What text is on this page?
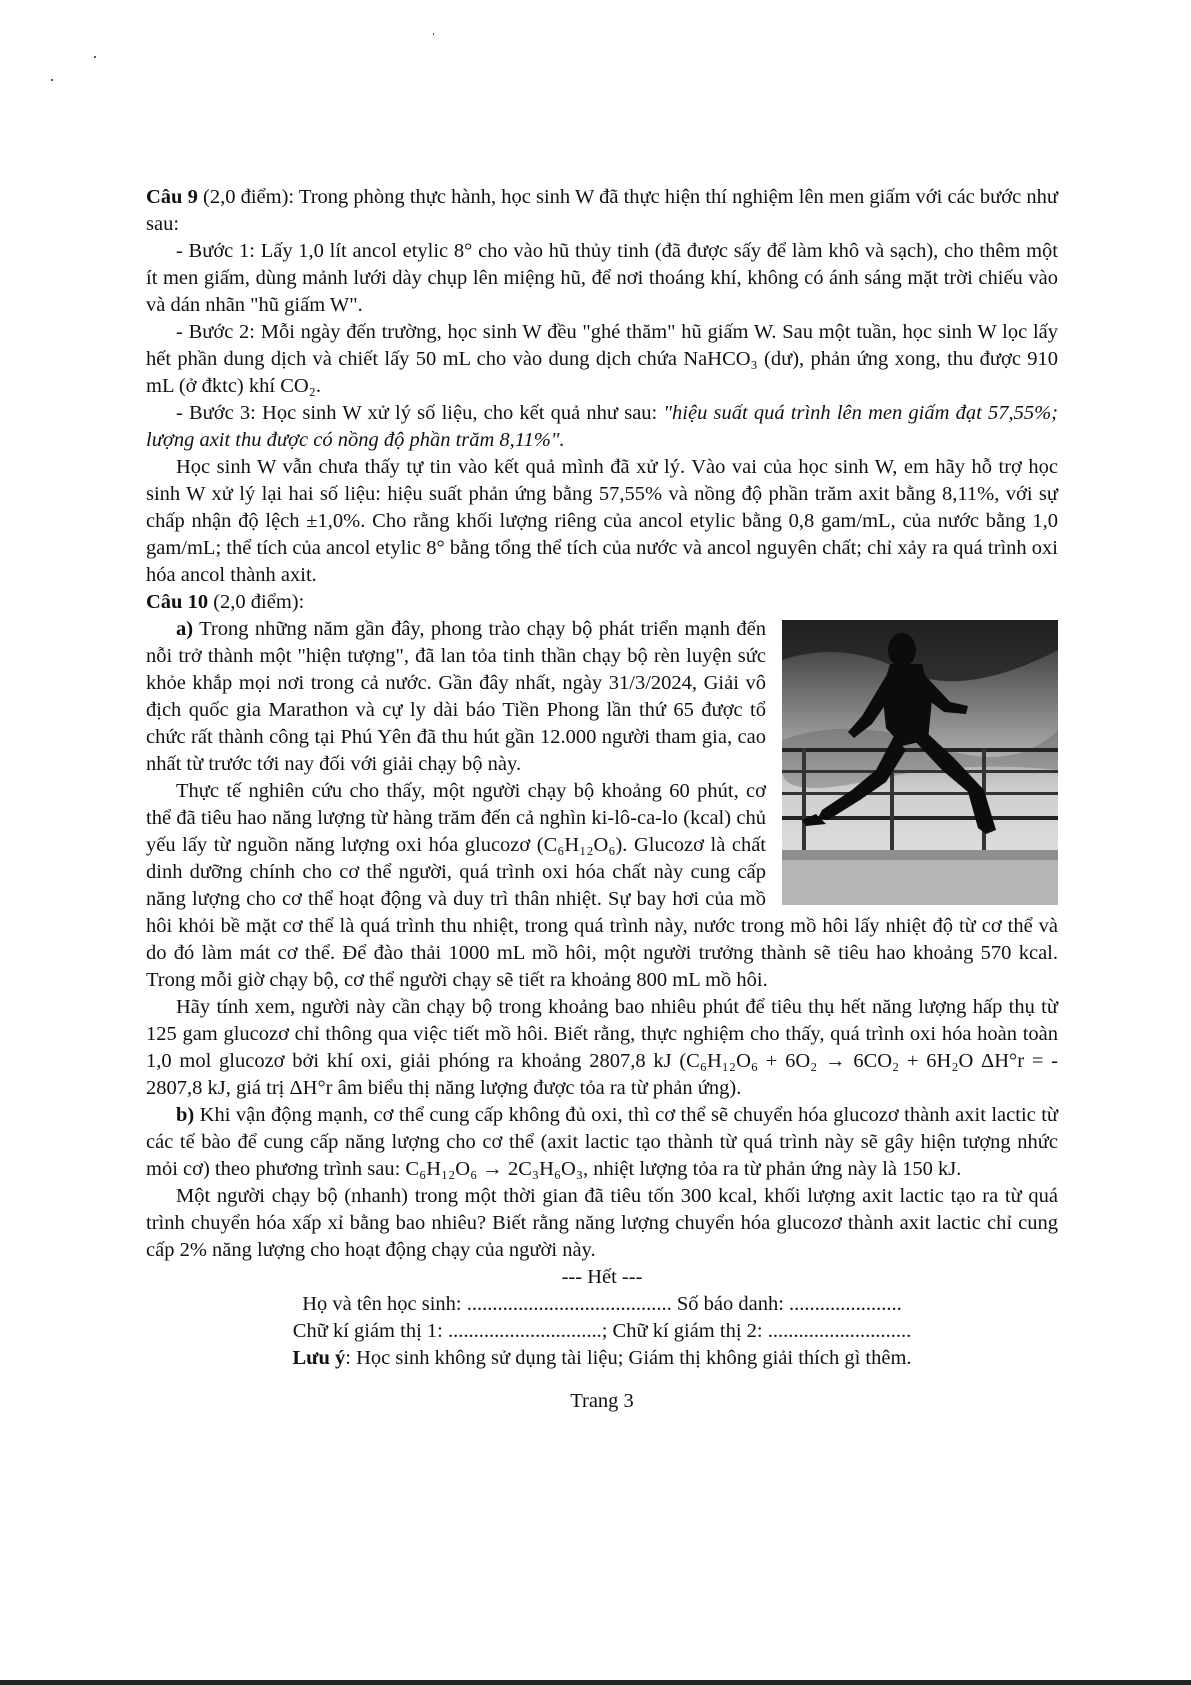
Câu 9 (2,0 điểm): Trong phòng thực hành, học sinh W đã thực hiện thí nghiệm lên men giấm với các bước như sau:

- Bước 1: Lấy 1,0 lít ancol etylic 8° cho vào hũ thủy tinh (đã được sấy để làm khô và sạch), cho thêm một ít men giấm, dùng mảnh lưới dày chụp lên miệng hũ, để nơi thoáng khí, không có ánh sáng mặt trời chiếu vào và dán nhãn "hũ giấm W".

- Bước 2: Mỗi ngày đến trường, học sinh W đều "ghé thăm" hũ giấm W. Sau một tuần, học sinh W lọc lấy hết phần dung dịch và chiết lấy 50 mL cho vào dung dịch chứa NaHCO₃ (dư), phản ứng xong, thu được 910 mL (ở đktc) khí CO₂.

- Bước 3: Học sinh W xử lý số liệu, cho kết quả như sau: "hiệu suất quá trình lên men giấm đạt 57,55%; lượng axit thu được có nồng độ phần trăm 8,11%".

Học sinh W vẫn chưa thấy tự tin vào kết quả mình đã xử lý. Vào vai của học sinh W, em hãy hỗ trợ học sinh W xử lý lại hai số liệu: hiệu suất phản ứng bằng 57,55% và nồng độ phần trăm axit bằng 8,11%, với sự chấp nhận độ lệch ±1,0%. Cho rằng khối lượng riêng của ancol etylic bằng 0,8 gam/mL, của nước bằng 1,0 gam/mL; thể tích của ancol etylic 8° bằng tổng thể tích của nước và ancol nguyên chất; chỉ xảy ra quá trình oxi hóa ancol thành axit.

Câu 10 (2,0 điểm):

a) Trong những năm gần đây, phong trào chạy bộ phát triển mạnh đến nỗi trở thành một "hiện tượng", đã lan tỏa tinh thần chạy bộ rèn luyện sức khỏe khắp mọi nơi trong cả nước. Gần đây nhất, ngày 31/3/2024, Giải vô địch quốc gia Marathon và cự ly dài báo Tiền Phong lần thứ 65 được tổ chức rất thành công tại Phú Yên đã thu hút gần 12.000 người tham gia, cao nhất từ trước tới nay đối với giải chạy bộ này.

Thực tế nghiên cứu cho thấy, một người chạy bộ khoảng 60 phút, cơ thể đã tiêu hao năng lượng từ hàng trăm đến cả nghìn ki-lô-ca-lo (kcal) chủ yếu lấy từ nguồn năng lượng oxi hóa glucozơ (C₆H₁₂O₆). Glucozơ là chất dinh dưỡng chính cho cơ thể người, quá trình oxi hóa chất này cung cấp năng lượng cho cơ thể hoạt động và duy trì thân nhiệt. Sự bay hơi của mồ hôi khỏi bề mặt cơ thể là quá trình thu nhiệt, trong quá trình này, nước trong mồ hôi lấy nhiệt độ từ cơ thể và do đó làm mát cơ thể. Để đào thải 1000 mL mồ hôi, một người trưởng thành sẽ tiêu hao khoảng 570 kcal. Trong mỗi giờ chạy bộ, cơ thể người chạy sẽ tiết ra khoảng 800 mL mồ hôi.

Hãy tính xem, người này cần chạy bộ trong khoảng bao nhiêu phút để tiêu thụ hết năng lượng hấp thụ từ 125 gam glucozơ chỉ thông qua việc tiết mồ hôi. Biết rằng, thực nghiệm cho thấy, quá trình oxi hóa hoàn toàn 1,0 mol glucozơ bởi khí oxi, giải phóng ra khoảng 2807,8 kJ (C₆H₁₂O₆ + 6O₂ → 6CO₂ + 6H₂O ΔH°r = - 2807,8 kJ, giá trị ΔH°r âm biểu thị năng lượng được tỏa ra từ phản ứng).

b) Khi vận động mạnh, cơ thể cung cấp không đủ oxi, thì cơ thể sẽ chuyển hóa glucozơ thành axit lactic từ các tế bào để cung cấp năng lượng cho cơ thể (axit lactic tạo thành từ quá trình này sẽ gây hiện tượng nhức mỏi cơ) theo phương trình sau: C₆H₁₂O₆ → 2C₃H₆O₃, nhiệt lượng tỏa ra từ phản ứng này là 150 kJ.

Một người chạy bộ (nhanh) trong một thời gian đã tiêu tốn 300 kcal, khối lượng axit lactic tạo ra từ quá trình chuyển hóa xấp xỉ bằng bao nhiêu? Biết rằng năng lượng chuyển hóa glucozơ thành axit lactic chỉ cung cấp 2% năng lượng cho hoạt động chạy của người này.

--- Hết ---

Họ và tên học sinh: ........................................ Số báo danh: ......................

Chữ kí giám thị 1: ..............................; Chữ kí giám thị 2: ............................

Lưu ý: Học sinh không sử dụng tài liệu; Giám thị không giải thích gì thêm.

Trang 3
